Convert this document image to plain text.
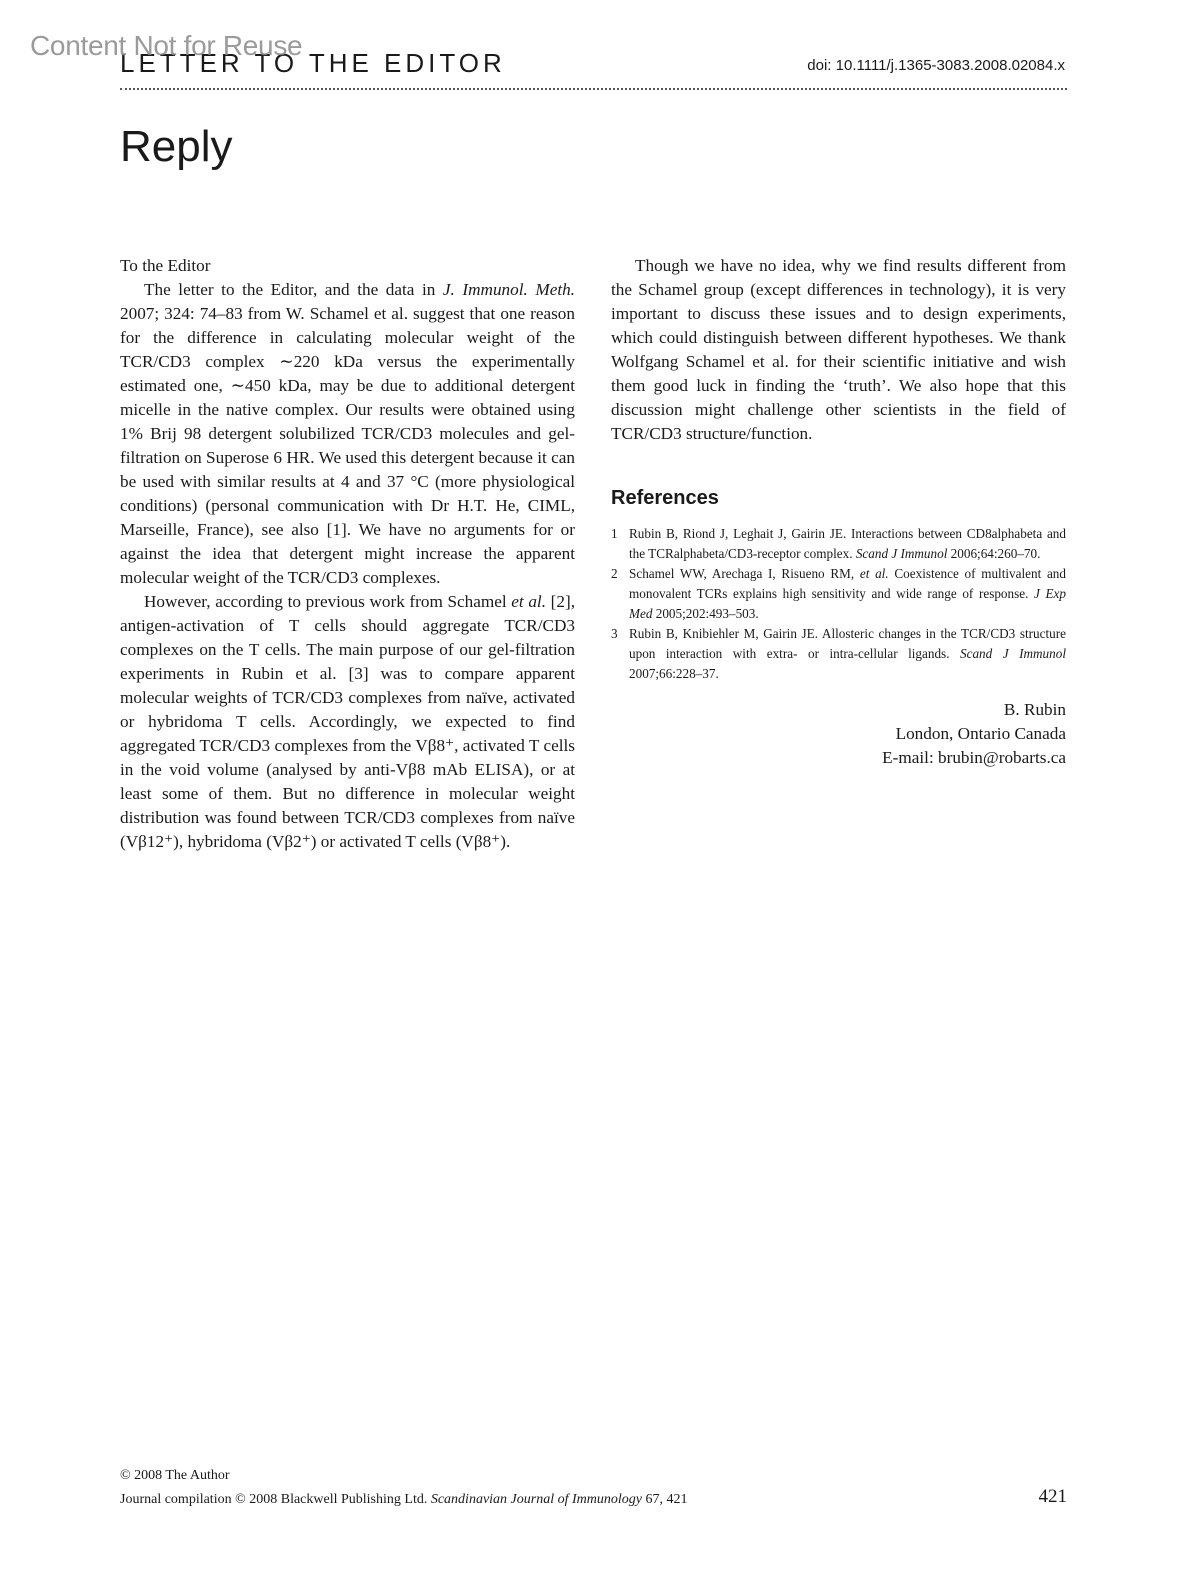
Content Not for Reuse
LETTER TO THE EDITOR	doi: 10.1111/j.1365-3083.2008.02084.x
Reply

To the Editor

The letter to the Editor, and the data in J. Immunol. Meth. 2007; 324: 74–83 from W. Schamel et al. suggest that one reason for the difference in calculating molecular weight of the TCR/CD3 complex ∼220 kDa versus the experimentally estimated one, ∼450 kDa, may be due to additional detergent micelle in the native complex. Our results were obtained using 1% Brij 98 detergent solubilized TCR/CD3 molecules and gel-filtration on Superose 6 HR. We used this detergent because it can be used with similar results at 4 and 37 °C (more physiological conditions) (personal communication with Dr H.T. He, CIML, Marseille, France), see also [1]. We have no arguments for or against the idea that detergent might increase the apparent molecular weight of the TCR/CD3 complexes.

However, according to previous work from Schamel et al. [2], antigen-activation of T cells should aggregate TCR/CD3 complexes on the T cells. The main purpose of our gel-filtration experiments in Rubin et al. [3] was to compare apparent molecular weights of TCR/CD3 complexes from naïve, activated or hybridoma T cells. Accordingly, we expected to find aggregated TCR/CD3 complexes from the Vβ8⁺, activated T cells in the void volume (analysed by anti-Vβ8 mAb ELISA), or at least some of them. But no difference in molecular weight distribution was found between TCR/CD3 complexes from naïve (Vβ12⁺), hybridoma (Vβ2⁺) or activated T cells (Vβ8⁺).

Though we have no idea, why we find results different from the Schamel group (except differences in technology), it is very important to discuss these issues and to design experiments, which could distinguish between different hypotheses. We thank Wolfgang Schamel et al. for their scientific initiative and wish them good luck in finding the ‘truth’. We also hope that this discussion might challenge other scientists in the field of TCR/CD3 structure/function.

References
1 Rubin B, Riond J, Leghait J, Gairin JE. Interactions between CD8alphabeta and the TCRalphabeta/CD3-receptor complex. Scand J Immunol 2006;64:260–70.
2 Schamel WW, Arechaga I, Risueno RM, et al. Coexistence of multivalent and monovalent TCRs explains high sensitivity and wide range of response. J Exp Med 2005;202:493–503.
3 Rubin B, Knibiehler M, Gairin JE. Allosteric changes in the TCR/CD3 structure upon interaction with extra- or intra-cellular ligands. Scand J Immunol 2007;66:228–37.
B. Rubin
London, Ontario Canada
E-mail: brubin@robarts.ca
© 2008 The Author
Journal compilation © 2008 Blackwell Publishing Ltd. Scandinavian Journal of Immunology 67, 421	421
